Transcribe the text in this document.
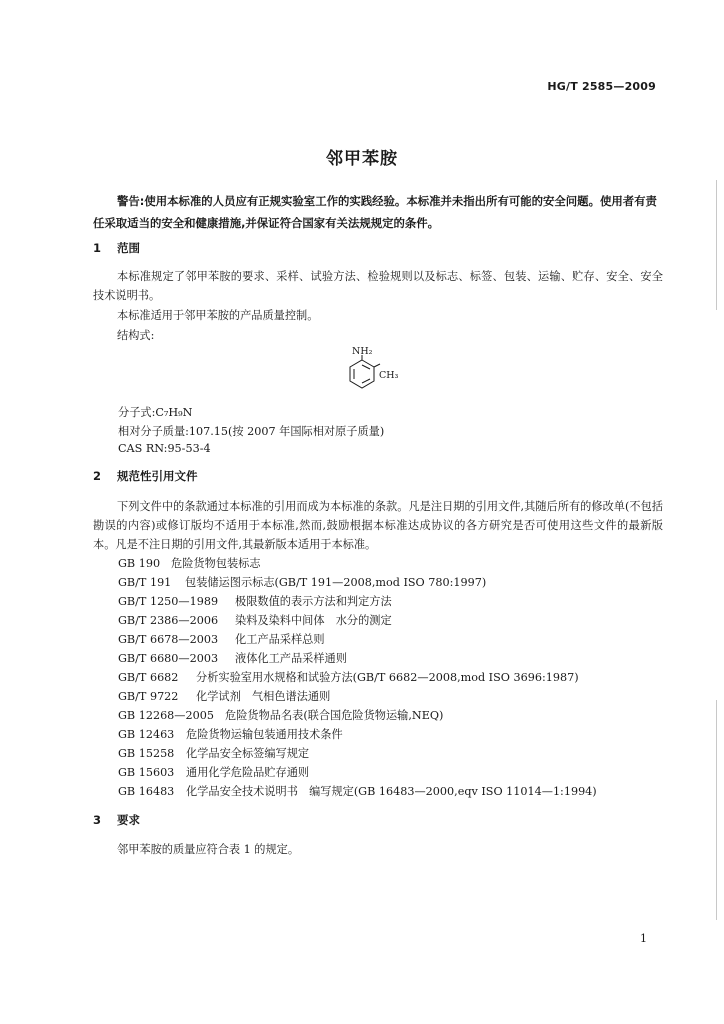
HG/T 2585—2009
邻甲苯胺
警告:使用本标准的人员应有正规实验室工作的实践经验。本标准并未指出所有可能的安全问题。使用者有责任采取适当的安全和健康措施,并保证符合国家有关法规规定的条件。
1 范围
本标准规定了邻甲苯胺的要求、采样、试验方法、检验规则以及标志、标签、包装、运输、贮存、安全、安全技术说明书。
本标准适用于邻甲苯胺的产品质量控制。
结构式:
NH₂
CH₃
分子式:C₇H₉N
相对分子质量:107.15(按 2007 年国际相对原子质量)
CAS RN:95-53-4
2 规范性引用文件
下列文件中的条款通过本标准的引用而成为本标准的条款。凡是注日期的引用文件,其随后所有的修改单(不包括勘误的内容)或修订版均不适用于本标准,然而,鼓励根据本标准达成协议的各方研究是否可使用这些文件的最新版本。凡是不注日期的引用文件,其最新版本适用于本标准。
GB 190 危险货物包装标志
GB/T 191 包装储运图示标志(GB/T 191—2008,mod ISO 780:1997)
GB/T 1250—1989 极限数值的表示方法和判定方法
GB/T 2386—2006 染料及染料中间体　水分的测定
GB/T 6678—2003 化工产品采样总则
GB/T 6680—2003 液体化工产品采样通则
GB/T 6682 分析实验室用水规格和试验方法(GB/T 6682—2008,mod ISO 3696:1987)
GB/T 9722 化学试剂　气相色谱法通则
GB 12268—2005 危险货物品名表(联合国危险货物运输,NEQ)
GB 12463 危险货物运输包装通用技术条件
GB 15258 化学品安全标签编写规定
GB 15603 通用化学危险品贮存通则
GB 16483 化学品安全技术说明书　编写规定(GB 16483—2000,eqv ISO 11014—1:1994)
3 要求
邻甲苯胺的质量应符合表 1 的规定。
1
